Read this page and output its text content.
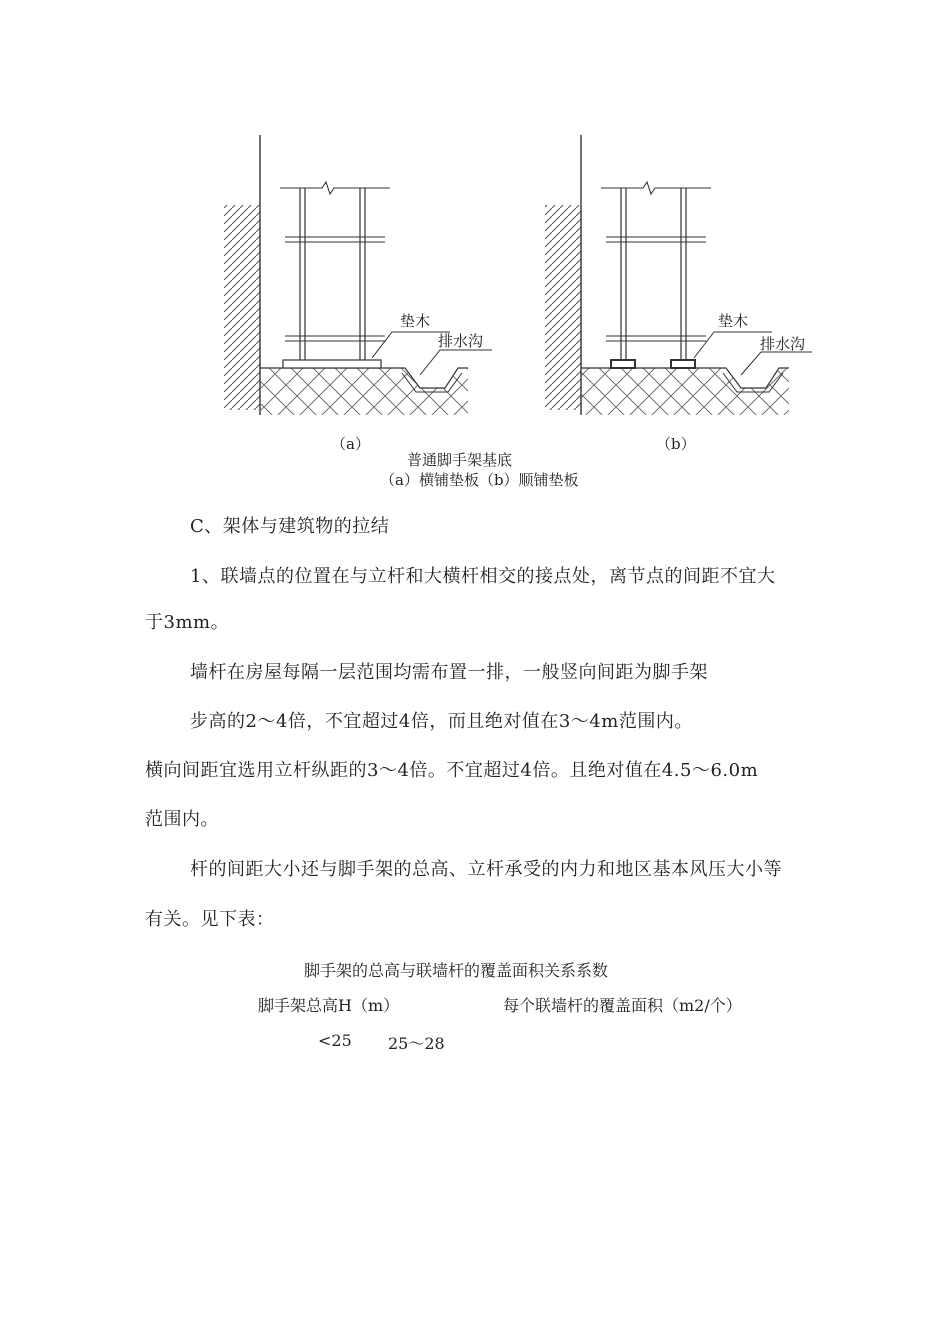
垫木
排水沟
垫木
排水沟
（a）	（b）
普通脚手架基底
（a）横铺垫板（b）顺铺垫板
C、架体与建筑物的拉结
1、联墙点的位置在与立杆和大横杆相交的接点处，离节点的间距不宜大
于3mm。
墙杆在房屋每隔一层范围均需布置一排，一般竖向间距为脚手架
步高的2〜4倍，不宜超过4倍，而且绝对值在3〜4m范围内。
横向间距宜选用立杆纵距的3〜4倍。不宜超过4倍。且绝对值在4.5〜6.0m
范围内。
杆的间距大小还与脚手架的总高、立杆承受的内力和地区基本风压大小等
有关。见下表：
脚手架的总高与联墙杆的覆盖面积关系系数
脚手架总高H（m）	每个联墙杆的覆盖面积（m2/个）
<25 25〜28
